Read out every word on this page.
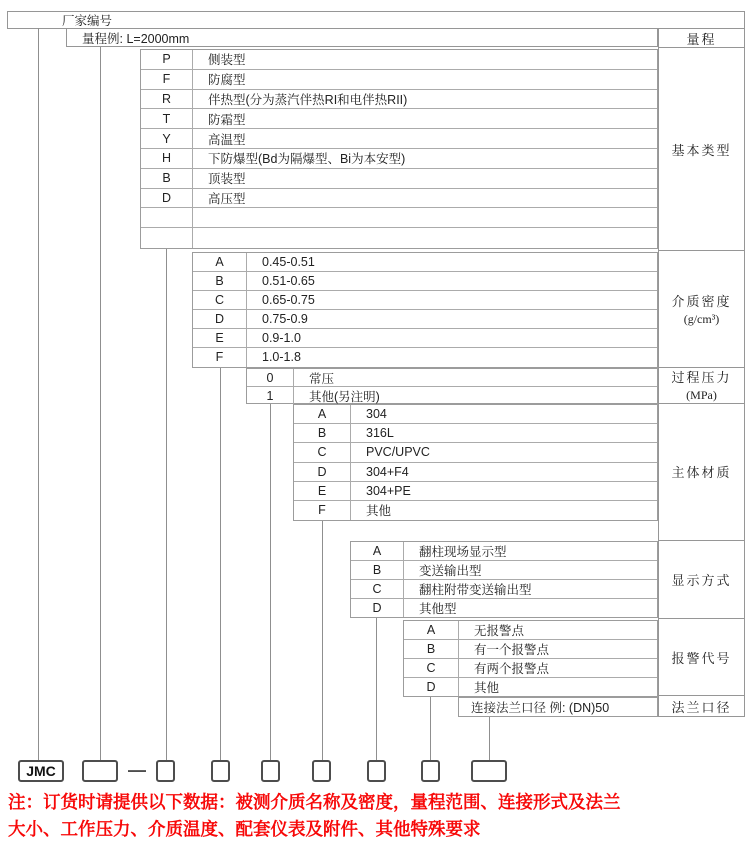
厂家编号
量程例: L=2000mm	量程
基本类型
介质密度
(g/cm³)
过程压力
(MPa)
主体材质
显示方式
报警代号
法兰口径
P	侧装型
F	防腐型
R	伴热型(分为蒸汽伴热RI和电伴热RII)
T	防霜型
Y	高温型
H	下防爆型(Bd为隔爆型、Bi为本安型)
B	顶装型
D	高压型
A	0.45-0.51
B	0.51-0.65
C	0.65-0.75
D	0.75-0.9
E	0.9-1.0
F	1.0-1.8
0	常压
1	其他(另注明)
A	304
B	316L
C	PVC/UPVC
D	304+F4
E	304+PE
F	其他
A	翻柱现场显示型
B	变送输出型
C	翻柱附带变送输出型
D	其他型
A	无报警点
B	有一个报警点
C	有两个报警点
D	其他
连接法兰口径 例: (DN)50
JMC	—
注：订货时请提供以下数据：被测介质名称及密度，量程范围、连接形式及法兰
大小、工作压力、介质温度、配套仪表及附件、其他特殊要求
